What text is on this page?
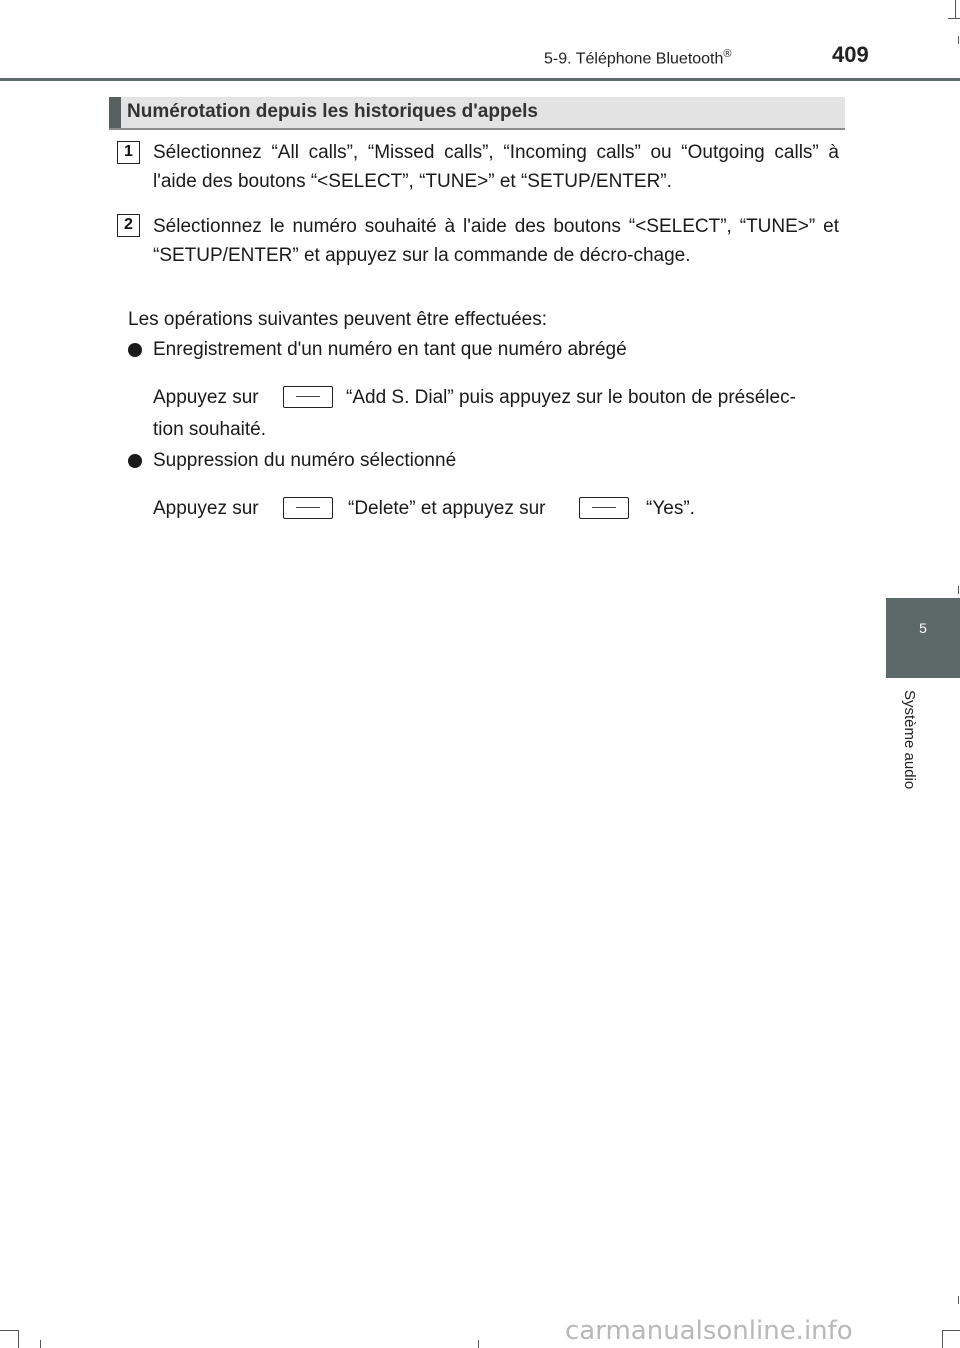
5-9. Téléphone Bluetooth®	409
5
Système audio
Numérotation depuis les historiques d'appels
1	Sélectionnez “All calls”, “Missed calls”, “Incoming calls” ou “Outgoing calls” à l'aide des boutons “<SELECT”, “TUNE>” et “SETUP/ENTER”.
2	Sélectionnez le numéro souhaité à l'aide des boutons “<SELECT”, “TUNE>” et “SETUP/ENTER” et appuyez sur la commande de décro-chage.
Les opérations suivantes peuvent être effectuées:
Enregistrement d'un numéro en tant que numéro abrégé
Appuyez sur	“Add S. Dial” puis appuyez sur le bouton de présélec-
tion souhaité.
Suppression du numéro sélectionné
Appuyez sur	“Delete” et appuyez sur	“Yes”.
carmanualsonline.info
